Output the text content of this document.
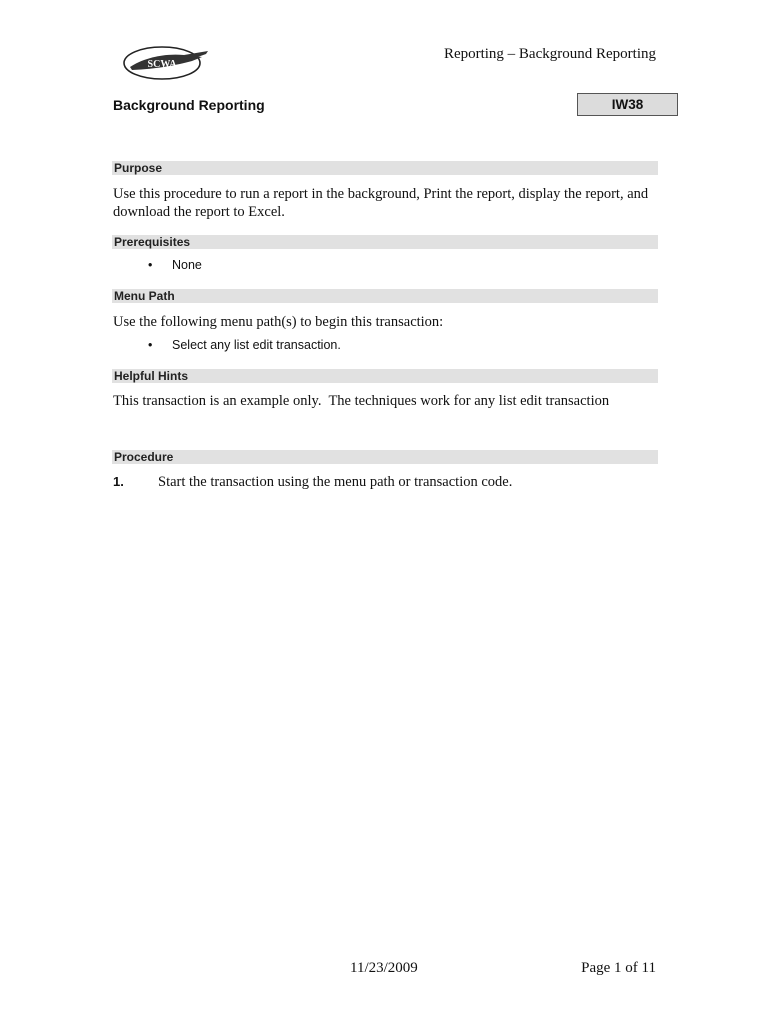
SCWA
Reporting – Background Reporting
Background Reporting	IW38
Purpose
Use this procedure to run a report in the background, Print the report, display the report, and download the report to Excel.
Prerequisites
• None
Menu Path
Use the following menu path(s) to begin this transaction:
• Select any list edit transaction.
Helpful Hints
This transaction is an example only.  The techniques work for any list edit transaction
Procedure
1. Start the transaction using the menu path or transaction code.
11/23/2009	Page 1 of 11
